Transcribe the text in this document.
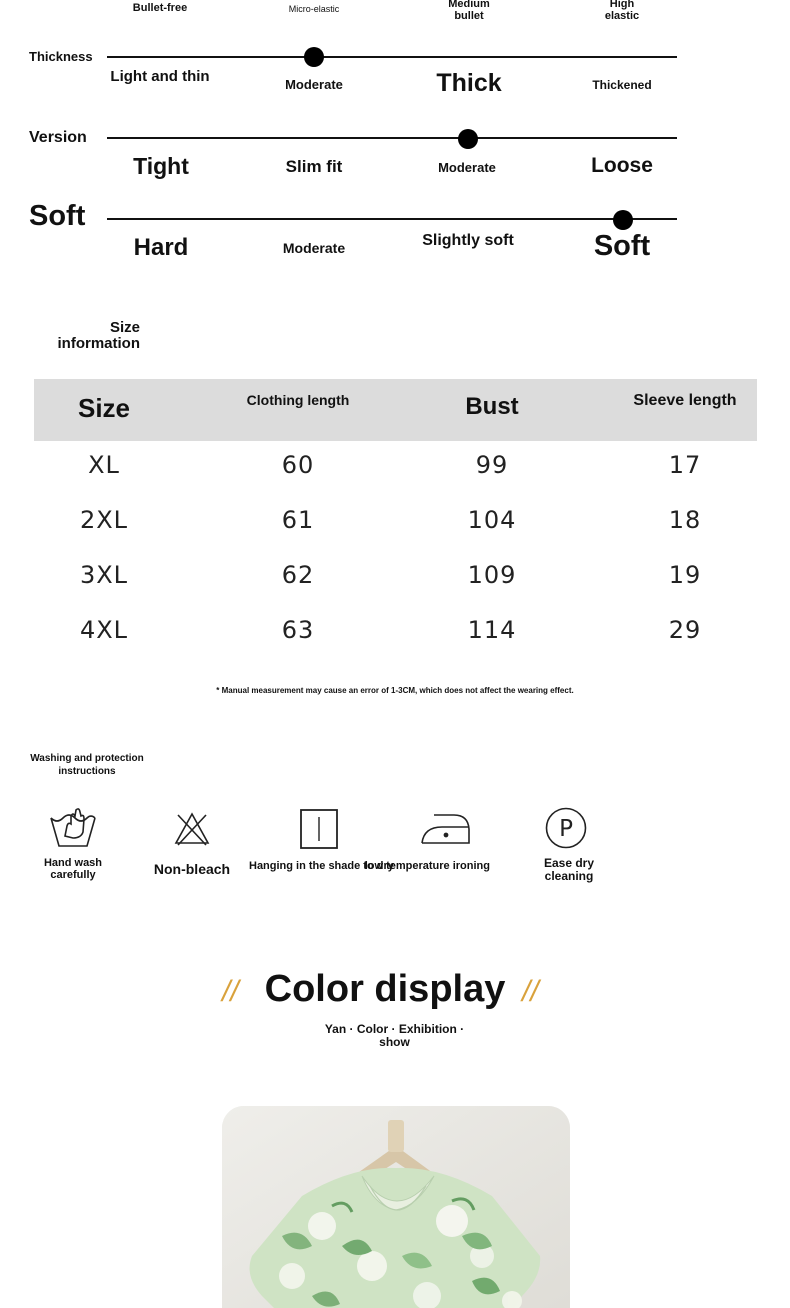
Bullet-free	Micro-elastic	Medium bullet
High elastic
Thickness
Light and thin	Moderate	Thick	Thickened
Version
Tight	Slim fit	Moderate	Loose
Soft
Hard	Moderate	Slightly soft	Soft
Size information
Size	Clothing length	Bust	Sleeve length
XL	60	99	17
2XL	61	104	18
3XL	62	109	19
4XL	63	114	29
* Manual measurement may cause an error of 1-3CM, which does not affect the wearing effect.
Washing and protection instructions
Hand wash carefully	Non-bleach	Hanging in the shade to dry
low temperature ironing
P
Ease dry cleaning
// Color display //
Yan · Color · Exhibition · show
